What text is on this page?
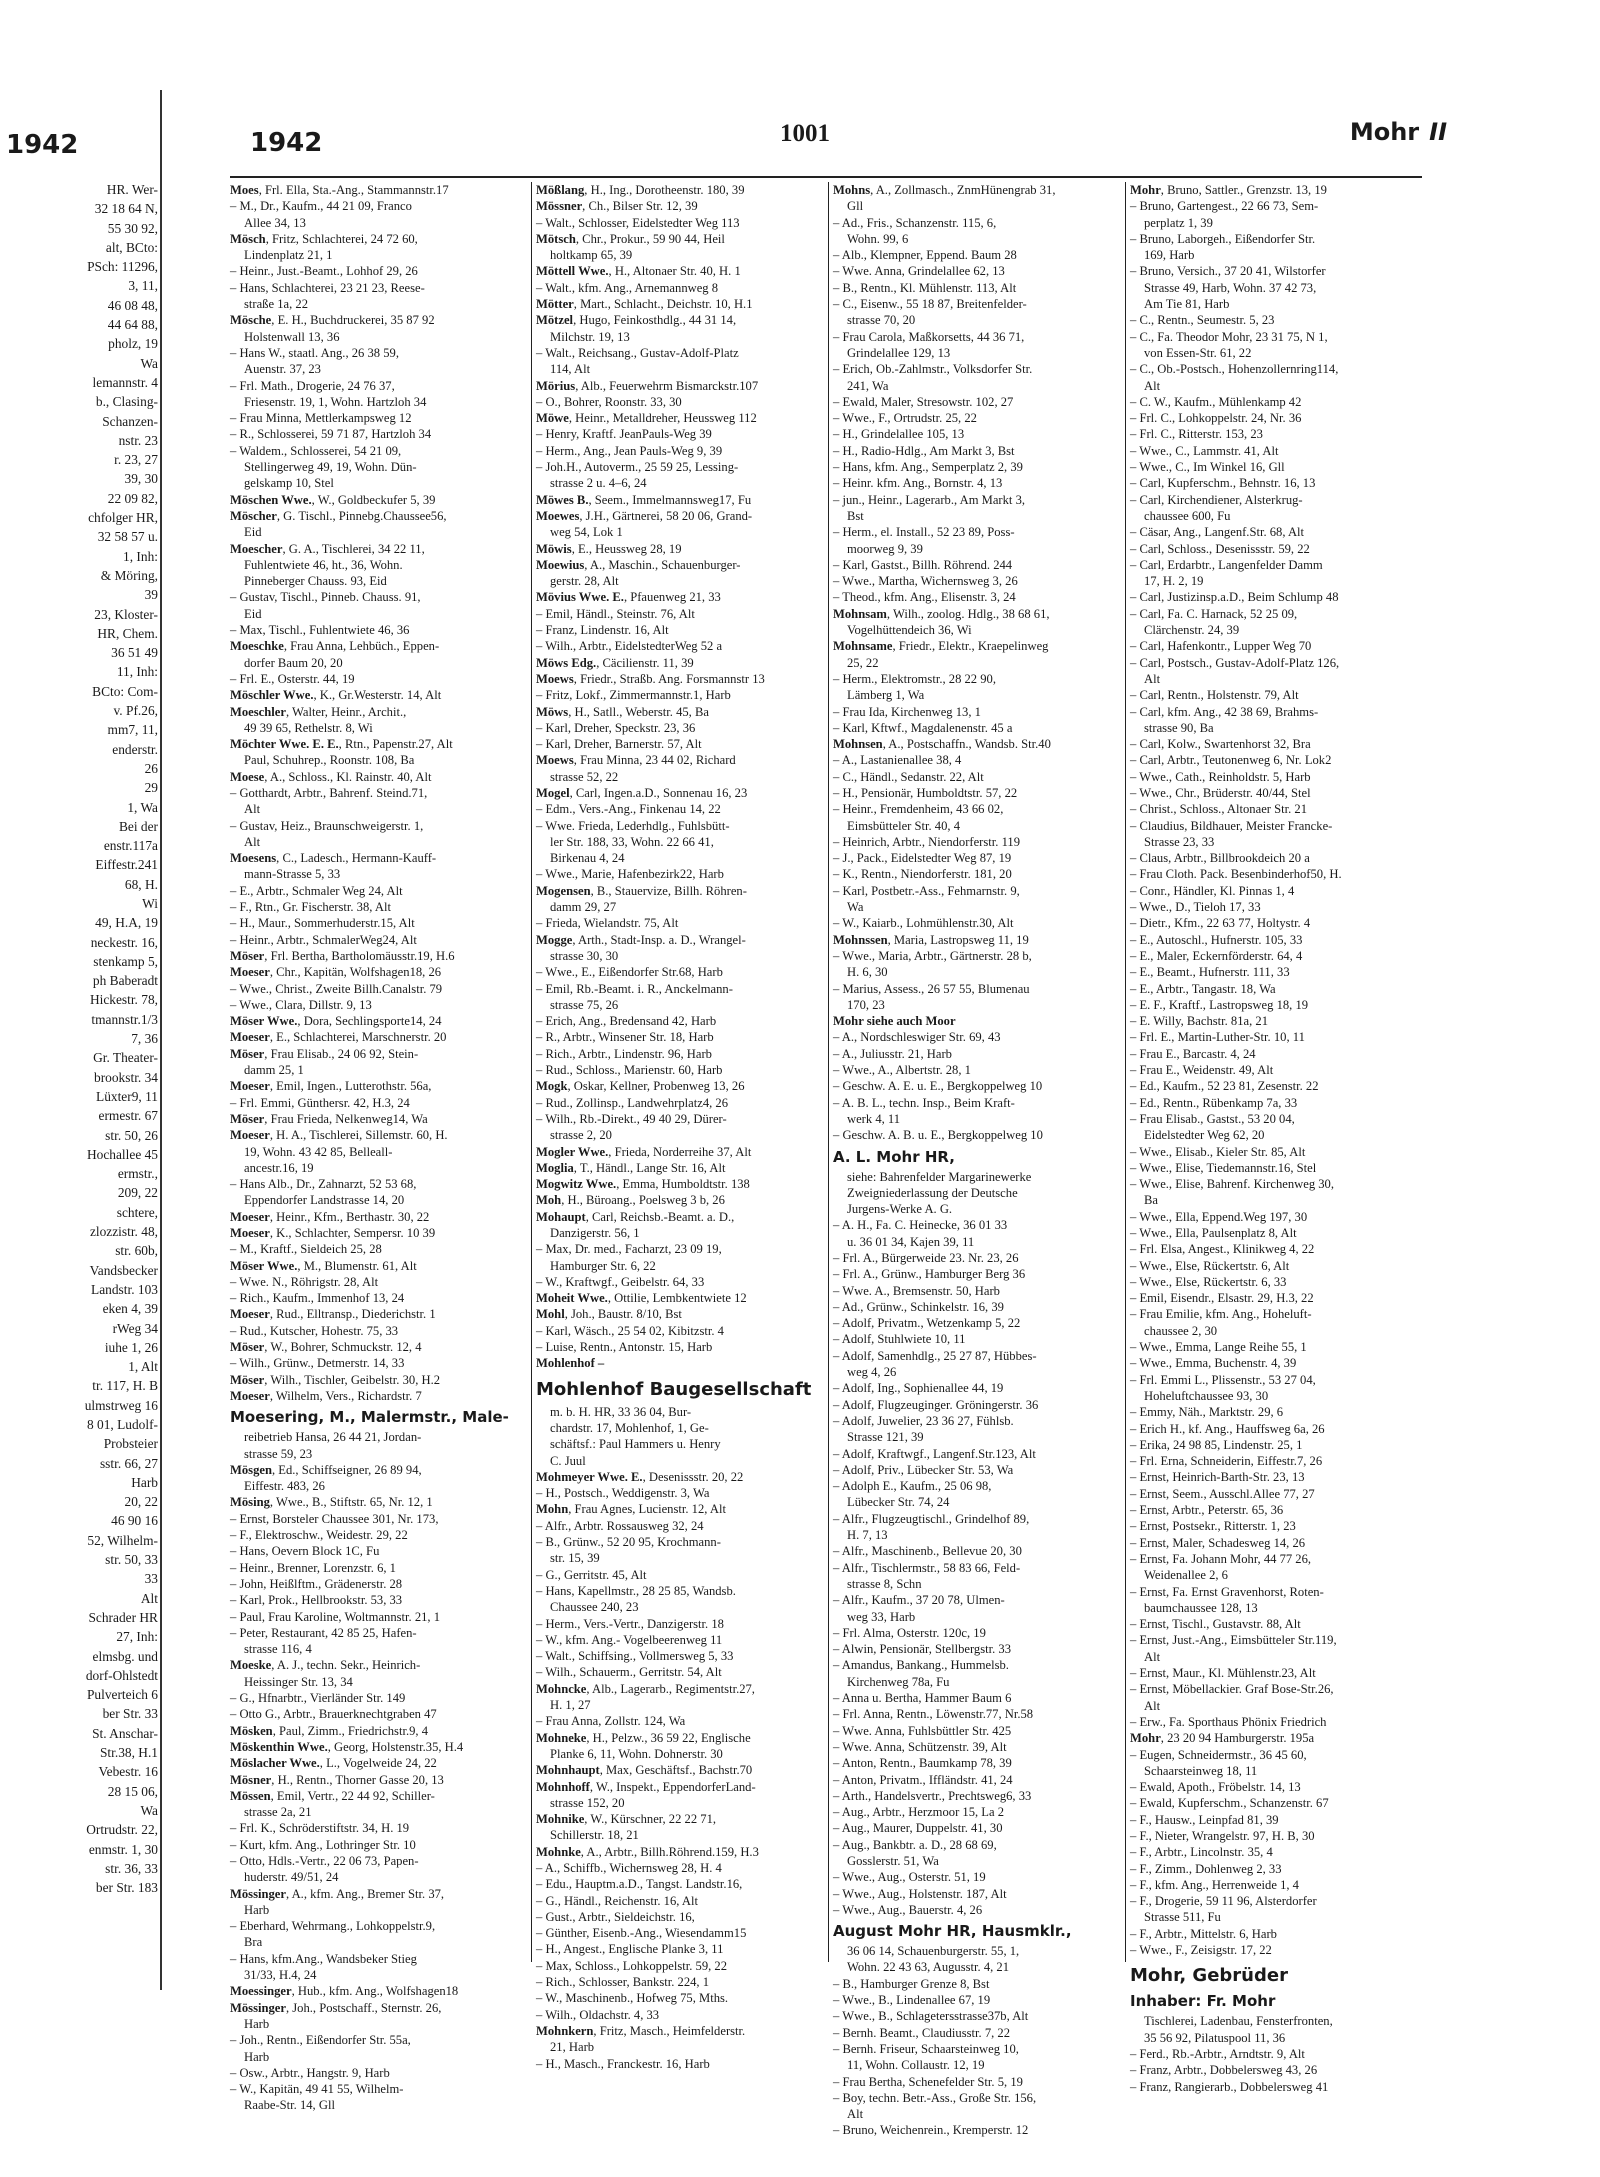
1942
HR. Wer-
32 18 64 N,
55 30 92,
alt, BCto:
PSch: 11296,
3, 11,
46 08 48,
44 64 88,
pholz, 19
Wa
lemannstr. 4
b., Clasing-
Schanzen-
nstr. 23
r. 23, 27
39, 30
22 09 82,
chfolger HR,
32 58 57 u.
1, Inh:
& Möring,
39
23, Kloster-
HR, Chem.
36 51 49
11, Inh:
BCto: Com-
v. Pf.26,
mm7, 11,
enderstr.
26
29
1, Wa
Bei der
enstr.117a
Eiffestr.241
68, H.
Wi
49, H.A, 19
neckestr. 16,
stenkamp 5,
ph Baberadt
Hickestr. 78,
tmannstr.1/3
7, 36
Gr. Theater-
brookstr. 34
Lüxter9, 11
ermestr. 67
str. 50, 26
Hochallee 45
ermstr.,
209, 22
schtere,
zlozzistr. 48,
str. 60b,
Vandsbecker
Landstr. 103
eken 4, 39
rWeg 34
iuhe 1, 26
1, Alt
tr. 117, H. B
ulmstrweg 16
8 01, Ludolf-
Probsteier
sstr. 66, 27
Harb
20, 22
46 90 16
52, Wilhelm-
str. 50, 33
33
Alt
Schrader HR
27, Inh:
elmsbg. und
dorf-Ohlstedt
Pulverteich 6
ber Str. 33
St. Anschar-
Str.38, H.1
Vebestr. 16
28 15 06,
Wa
Ortrudstr. 22,
enmstr. 1, 30
str. 36, 33
ber Str. 183
1942	1001	Mohr II
Moes, Frl. Ella, Sta.-Ang., Stammannstr.17
– M., Dr., Kaufm., 44 21 09, Franco
Allee 34, 13
Mösch, Fritz, Schlachterei, 24 72 60,
Lindenplatz 21, 1
– Heinr., Just.-Beamt., Lohhof 29, 26
– Hans, Schlachterei, 23 21 23, Reese-
straße 1a, 22
Mösche, E. H., Buchdruckerei, 35 87 92
Holstenwall 13, 36
– Hans W., staatl. Ang., 26 38 59,
Auenstr. 37, 23
– Frl. Math., Drogerie, 24 76 37,
Friesenstr. 19, 1, Wohn. Hartzloh 34
– Frau Minna, Mettlerkampsweg 12
– R., Schlosserei, 59 71 87, Hartzloh 34
– Waldem., Schlosserei, 54 21 09,
Stellingerweg 49, 19, Wohn. Dün-
gelskamp 10, Stel
Möschen Wwe., W., Goldbeckufer 5, 39
Möscher, G. Tischl., Pinnebg.Chaussee56,
Eid
Moescher, G. A., Tischlerei, 34 22 11,
Fuhlentwiete 46, ht., 36, Wohn.
Pinneberger Chauss. 93, Eid
– Gustav, Tischl., Pinneb. Chauss. 91,
Eid
– Max, Tischl., Fuhlentwiete 46, 36
Moeschke, Frau Anna, Lehbüch., Eppen-
dorfer Baum 20, 20
– Frl. E., Osterstr. 44, 19
Möschler Wwe., K., Gr.Westerstr. 14, Alt
Moeschler, Walter, Heinr., Archit.,
49 39 65, Rethelstr. 8, Wi
Möchter Wwe. E. E., Rtn., Papenstr.27, Alt
Paul, Schuhrep., Roonstr. 108, Ba
Moese, A., Schloss., Kl. Rainstr. 40, Alt
– Gotthardt, Arbtr., Bahrenf. Steind.71,
Alt
– Gustav, Heiz., Braunschweigerstr. 1,
Alt
Moesens, C., Ladesch., Hermann-Kauff-
mann-Strasse 5, 33
– E., Arbtr., Schmaler Weg 24, Alt
– F., Rtn., Gr. Fischerstr. 38, Alt
– H., Maur., Sommerhuderstr.15, Alt
– Heinr., Arbtr., SchmalerWeg24, Alt
Möser, Frl. Bertha, Bartholomäusstr.19, H.6
Moeser, Chr., Kapitän, Wolfshagen18, 26
– Wwe., Christ., Zweite Billh.Canalstr. 79
– Wwe., Clara, Dillstr. 9, 13
Möser Wwe., Dora, Sechlingsporte14, 24
Moeser, E., Schlachterei, Marschnerstr. 20
Möser, Frau Elisab., 24 06 92, Stein-
damm 25, 1
Moeser, Emil, Ingen., Lutterothstr. 56a,
– Frl. Emmi, Günthersr. 42, H.3, 24
Möser, Frau Frieda, Nelkenweg14, Wa
Moeser, H. A., Tischlerei, Sillemstr. 60, H.
19, Wohn. 43 42 85, Belleall-
ancestr.16, 19
– Hans Alb., Dr., Zahnarzt, 52 53 68,
Eppendorfer Landstrasse 14, 20
Moeser, Heinr., Kfm., Berthastr. 30, 22
Moeser, K., Schlachter, Sempersr. 10 39
– M., Kraftf., Sieldeich 25, 28
Möser Wwe., M., Blumenstr. 61, Alt
– Wwe. N., Röhrigstr. 28, Alt
– Rich., Kaufm., Immenhof 13, 24
Moeser, Rud., Elltransp., Diederichstr. 1
– Rud., Kutscher, Hohestr. 75, 33
Möser, W., Bohrer, Schmuckstr. 12, 4
– Wilh., Grünw., Detmerstr. 14, 33
Möser, Wilh., Tischler, Geibelstr. 30, H.2
Moeser, Wilhelm, Vers., Richardstr. 7
Moesering, M., Malermstr., Male-
reibetrieb Hansa, 26 44 21, Jordan-
strasse 59, 23
Mösgen, Ed., Schiffseigner, 26 89 94,
Eiffestr. 483, 26
Mösing, Wwe., B., Stiftstr. 65, Nr. 12, 1
– Ernst, Borsteler Chaussee 301, Nr. 173,
– F., Elektroschw., Weidestr. 29, 22
– Hans, Oevern Block 1C, Fu
– Heinr., Brenner, Lorenzstr. 6, 1
– John, Heißlftm., Grädenerstr. 28
– Karl, Prok., Hellbrookstr. 53, 33
– Paul, Frau Karoline, Woltmannstr. 21, 1
– Peter, Restaurant, 42 85 25, Hafen-
strasse 116, 4
Moeske, A. J., techn. Sekr., Heinrich-
Heissinger Str. 13, 34
– G., Hfnarbtr., Vierländer Str. 149
– Otto G., Arbtr., Brauerknechtgraben 47
Mösken, Paul, Zimm., Friedrichstr.9, 4
Möskenthin Wwe., Georg, Holstenstr.35, H.4
Möslacher Wwe., L., Vogelweide 24, 22
Mösner, H., Rentn., Thorner Gasse 20, 13
Mössen, Emil, Vertr., 22 44 92, Schiller-
strasse 2a, 21
– Frl. K., Schröderstiftstr. 34, H. 19
– Kurt, kfm. Ang., Lothringer Str. 10
– Otto, Hdls.-Vertr., 22 06 73, Papen-
huderstr. 49/51, 24
Mössinger, A., kfm. Ang., Bremer Str. 37,
Harb
– Eberhard, Wehrmang., Lohkoppelstr.9,
Bra
– Hans, kfm.Ang., Wandsbeker Stieg
31/33, H.4, 24
Moessinger, Hub., kfm. Ang., Wolfshagen18
Mössinger, Joh., Postschaff., Sternstr. 26,
Harb
– Joh., Rentn., Eißendorfer Str. 55a,
Harb
– Osw., Arbtr., Hangstr. 9, Harb
– W., Kapitän, 49 41 55, Wilhelm-
Raabe-Str. 14, Gll
Mößlang, H., Ing., Dorotheenstr. 180, 39
Mössner, Ch., Bilser Str. 12, 39
– Walt., Schlosser, Eidelstedter Weg 113
Mötsch, Chr., Prokur., 59 90 44, Heil
holtkamp 65, 39
Möttell Wwe., H., Altonaer Str. 40, H. 1
– Walt., kfm. Ang., Arnemannweg 8
Mötter, Mart., Schlacht., Deichstr. 10, H.1
Mötzel, Hugo, Feinkosthdlg., 44 31 14,
Milchstr. 19, 13
– Walt., Reichsang., Gustav-Adolf-Platz
114, Alt
Mörius, Alb., Feuerwehrm Bismarckstr.107
– O., Bohrer, Roonstr. 33, 30
Möwe, Heinr., Metalldreher, Heussweg 112
– Henry, Kraftf. JeanPauls-Weg 39
– Herm., Ang., Jean Pauls-Weg 9, 39
– Joh.H., Autoverm., 25 59 25, Lessing-
strasse 2 u. 4–6, 24
Möwes B., Seem., Immelmannsweg17, Fu
Moewes, J.H., Gärtnerei, 58 20 06, Grand-
weg 54, Lok 1
Möwis, E., Heussweg 28, 19
Moewius, A., Maschin., Schauenburger-
gerstr. 28, Alt
Mövius Wwe. E., Pfauenweg 21, 33
– Emil, Händl., Steinstr. 76, Alt
– Franz, Lindenstr. 16, Alt
– Wilh., Arbtr., EidelstedterWeg 52 a
Möws Edg., Cäcilienstr. 11, 39
Moews, Friedr., Straßb. Ang. Forsmannstr 13
– Fritz, Lokf., Zimmermannstr.1, Harb
Möws, H., Satll., Weberstr. 45, Ba
– Karl, Dreher, Speckstr. 23, 36
– Karl, Dreher, Barnerstr. 57, Alt
Moews, Frau Minna, 23 44 02, Richard
strasse 52, 22
Mogel, Carl, Ingen.a.D., Sonnenau 16, 23
– Edm., Vers.-Ang., Finkenau 14, 22
– Wwe. Frieda, Lederhdlg., Fuhlsbütt-
ler Str. 188, 33, Wohn. 22 66 41,
Birkenau 4, 24
– Wwe., Marie, Hafenbezirk22, Harb
Mogensen, B., Stauervize, Billh. Röhren-
damm 29, 27
– Frieda, Wielandstr. 75, Alt
Mogge, Arth., Stadt-Insp. a. D., Wrangel-
strasse 30, 30
– Wwe., E., Eißendorfer Str.68, Harb
– Emil, Rb.-Beamt. i. R., Anckelmann-
strasse 75, 26
– Erich, Ang., Bredensand 42, Harb
– R., Arbtr., Winsener Str. 18, Harb
– Rich., Arbtr., Lindenstr. 96, Harb
– Rud., Schloss., Marienstr. 60, Harb
Mogk, Oskar, Kellner, Probenweg 13, 26
– Rud., Zollinsp., Landwehrplatz4, 26
– Wilh., Rb.-Direkt., 49 40 29, Dürer-
strasse 2, 20
Mogler Wwe., Frieda, Norderreihe 37, Alt
Moglia, T., Händl., Lange Str. 16, Alt
Mogwitz Wwe., Emma, Humboldtstr. 138
Moh, H., Büroang., Poelsweg 3 b, 26
Mohaupt, Carl, Reichsb.-Beamt. a. D.,
Danzigerstr. 56, 1
– Max, Dr. med., Facharzt, 23 09 19,
Hamburger Str. 6, 22
– W., Kraftwgf., Geibelstr. 64, 33
Moheit Wwe., Ottilie, Lembkentwiete 12
Mohl, Joh., Baustr. 8/10, Bst
– Karl, Wäsch., 25 54 02, Kibitzstr. 4
– Luise, Rentn., Antonstr. 15, Harb
Mohlenhof –
Mohlenhof Baugesellschaft
m. b. H. HR, 33 36 04, Bur-
chardstr. 17, Mohlenhof, 1, Ge-
schäftsf.: Paul Hammers u. Henry
C. Juul
Mohmeyer Wwe. E., Desenissstr. 20, 22
– H., Postsch., Weddigenstr. 3, Wa
Mohn, Frau Agnes, Lucienstr. 12, Alt
– Alfr., Arbtr. Rossausweg 32, 24
– B., Grünw., 52 20 95, Krochmann-
str. 15, 39
– G., Gerritstr. 45, Alt
– Hans, Kapellmstr., 28 25 85, Wandsb.
Chaussee 240, 23
– Herm., Vers.-Vertr., Danzigerstr. 18
– W., kfm. Ang.- Vogelbeerenweg 11
– Walt., Schiffsing., Vollmersweg 5, 33
– Wilh., Schauerm., Gerritstr. 54, Alt
Mohncke, Alb., Lagerarb., Regimentstr.27,
H. 1, 27
– Frau Anna, Zollstr. 124, Wa
Mohneke, H., Pelzw., 36 59 22, Englische
Planke 6, 11, Wohn. Dohnerstr. 30
Mohnhaupt, Max, Geschäftsf., Bachstr.70
Mohnhoff, W., Inspekt., EppendorferLand-
strasse 152, 20
Mohnike, W., Kürschner, 22 22 71,
Schillerstr. 18, 21
Mohnke, A., Arbtr., Billh.Röhrend.159, H.3
– A., Schiffb., Wichernsweg 28, H. 4
– Edu., Hauptm.a.D., Tangst. Landstr.16,
– G., Händl., Reichenstr. 16, Alt
– Gust., Arbtr., Sieldeichstr. 16,
– Günther, Eisenb.-Ang., Wiesendamm15
– H., Angest., Englische Planke 3, 11
– Max, Schloss., Lohkoppelstr. 59, 22
– Rich., Schlosser, Bankstr. 224, 1
– W., Maschinenb., Hofweg 75, Mths.
– Wilh., Oldachstr. 4, 33
Mohnkern, Fritz, Masch., Heimfelderstr.
21, Harb
– H., Masch., Franckestr. 16, Harb
Mohns, A., Zollmasch., ZnmHünengrab 31,
Gll
– Ad., Fris., Schanzenstr. 115, 6,
Wohn. 99, 6
– Alb., Klempner, Eppend. Baum 28
– Wwe. Anna, Grindelallee 62, 13
– B., Rentn., Kl. Mühlenstr. 113, Alt
– C., Eisenw., 55 18 87, Breitenfelder-
strasse 70, 20
– Frau Carola, Maßkorsetts, 44 36 71,
Grindelallee 129, 13
– Erich, Ob.-Zahlmstr., Volksdorfer Str.
241, Wa
– Ewald, Maler, Stresowstr. 102, 27
– Wwe., F., Ortrudstr. 25, 22
– H., Grindelallee 105, 13
– H., Radio-Hdlg., Am Markt 3, Bst
– Hans, kfm. Ang., Semperplatz 2, 39
– Heinr. kfm. Ang., Bornstr. 4, 13
– jun., Heinr., Lagerarb., Am Markt 3,
Bst
– Herm., el. Install., 52 23 89, Poss-
moorweg 9, 39
– Karl, Gastst., Billh. Röhrend. 244
– Wwe., Martha, Wichernsweg 3, 26
– Theod., kfm. Ang., Elisenstr. 3, 24
Mohnsam, Wilh., zoolog. Hdlg., 38 68 61,
Vogelhüttendeich 36, Wi
Mohnsame, Friedr., Elektr., Kraepelinweg
25, 22
– Herm., Elektromstr., 28 22 90,
Lämberg 1, Wa
– Frau Ida, Kirchenweg 13, 1
– Karl, Kftwf., Magdalenenstr. 45 a
Mohnsen, A., Postschaffn., Wandsb. Str.40
– A., Lastanienallee 38, 4
– C., Händl., Sedanstr. 22, Alt
– H., Pensionär, Humboldtstr. 57, 22
– Heinr., Fremdenheim, 43 66 02,
Eimsbütteler Str. 40, 4
– Heinrich, Arbtr., Niendorferstr. 119
– J., Pack., Eidelstedter Weg 87, 19
– K., Rentn., Niendorferstr. 181, 20
– Karl, Postbetr.-Ass., Fehmarnstr. 9,
Wa
– W., Kaiarb., Lohmühlenstr.30, Alt
Mohnssen, Maria, Lastropsweg 11, 19
– Wwe., Maria, Arbtr., Gärtnerstr. 28 b,
H. 6, 30
– Marius, Assess., 26 57 55, Blumenau
170, 23
Mohr siehe auch Moor
– A., Nordschleswiger Str. 69, 43
– A., Juliusstr. 21, Harb
– Wwe., A., Albertstr. 28, 1
– Geschw. A. E. u. E., Bergkoppelweg 10
– A. B. L., techn. Insp., Beim Kraft-
werk 4, 11
– Geschw. A. B. u. E., Bergkoppelweg 10
A. L. Mohr HR,
siehe: Bahrenfelder Margarinewerke
Zweigniederlassung der Deutsche
Jurgens-Werke A. G.
– A. H., Fa. C. Heinecke, 36 01 33
u. 36 01 34, Kajen 39, 11
– Frl. A., Bürgerweide 23. Nr. 23, 26
– Frl. A., Grünw., Hamburger Berg 36
– Wwe. A., Bremsenstr. 50, Harb
– Ad., Grünw., Schinkelstr. 16, 39
– Adolf, Privatm., Wetzenkamp 5, 22
– Adolf, Stuhlwiete 10, 11
– Adolf, Samenhdlg., 25 27 87, Hübbes-
weg 4, 26
– Adolf, Ing., Sophienallee 44, 19
– Adolf, Flugzeuginger. Gröningerstr. 36
– Adolf, Juwelier, 23 36 27, Fühlsb.
Strasse 121, 39
– Adolf, Kraftwgf., Langenf.Str.123, Alt
– Adolf, Priv., Lübecker Str. 53, Wa
– Adolph E., Kaufm., 25 06 98,
Lübecker Str. 74, 24
– Alfr., Flugzeugtischl., Grindelhof 89,
H. 7, 13
– Alfr., Maschinenb., Bellevue 20, 30
– Alfr., Tischlermstr., 58 83 66, Feld-
strasse 8, Schn
– Alfr., Kaufm., 37 20 78, Ulmen-
weg 33, Harb
– Frl. Alma, Osterstr. 120c, 19
– Alwin, Pensionär, Stellbergstr. 33
– Amandus, Bankang., Hummelsb.
Kirchenweg 78a, Fu
– Anna u. Bertha, Hammer Baum 6
– Frl. Anna, Rentn., Löwenstr.77, Nr.58
– Wwe. Anna, Fuhlsbüttler Str. 425
– Wwe. Anna, Schützenstr. 39, Alt
– Anton, Rentn., Baumkamp 78, 39
– Anton, Privatm., Iffländstr. 41, 24
– Arth., Handelsvertr., Prechtsweg6, 33
– Aug., Arbtr., Herzmoor 15, La 2
– Aug., Maurer, Duppelstr. 41, 30
– Aug., Bankbtr. a. D., 28 68 69,
Gosslerstr. 51, Wa
– Wwe., Aug., Osterstr. 51, 19
– Wwe., Aug., Holstenstr. 187, Alt
– Wwe., Aug., Bauerstr. 4, 26
August Mohr HR, Hausmklr.,
36 06 14, Schauenburgerstr. 55, 1,
Wohn. 22 43 63, Augusstr. 4, 21
– B., Hamburger Grenze 8, Bst
– Wwe., B., Lindenallee 67, 19
– Wwe., B., Schlagetersstrasse37b, Alt
– Bernh. Beamt., Claudiusstr. 7, 22
– Bernh. Friseur, Schaarsteinweg 10,
11, Wohn. Collaustr. 12, 19
– Frau Bertha, Schenefelder Str. 5, 19
– Boy, techn. Betr.-Ass., Große Str. 156,
Alt
– Bruno, Weichenrein., Kremperstr. 12
Mohr, Bruno, Sattler., Grenzstr. 13, 19
– Bruno, Gartengest., 22 66 73, Sem-
perplatz 1, 39
– Bruno, Laborgeh., Eißendorfer Str.
169, Harb
– Bruno, Versich., 37 20 41, Wilstorfer
Strasse 49, Harb, Wohn. 37 42 73,
Am Tie 81, Harb
– C., Rentn., Seumestr. 5, 23
– C., Fa. Theodor Mohr, 23 31 75, N 1,
von Essen-Str. 61, 22
– C., Ob.-Postsch., Hohenzollernring114,
Alt
– C. W., Kaufm., Mühlenkamp 42
– Frl. C., Lohkoppelstr. 24, Nr. 36
– Frl. C., Ritterstr. 153, 23
– Wwe., C., Lammstr. 41, Alt
– Wwe., C., Im Winkel 16, Gll
– Carl, Kupferschm., Behnstr. 16, 13
– Carl, Kirchendiener, Alsterkrug-
chaussee 600, Fu
– Cäsar, Ang., Langenf.Str. 68, Alt
– Carl, Schloss., Desenissstr. 59, 22
– Carl, Erdarbtr., Langenfelder Damm
17, H. 2, 19
– Carl, Justizinsp.a.D., Beim Schlump 48
– Carl, Fa. C. Harnack, 52 25 09,
Clärchenstr. 24, 39
– Carl, Hafenkontr., Lupper Weg 70
– Carl, Postsch., Gustav-Adolf-Platz 126,
Alt
– Carl, Rentn., Holstenstr. 79, Alt
– Carl, kfm. Ang., 42 38 69, Brahms-
strasse 90, Ba
– Carl, Kolw., Swartenhorst 32, Bra
– Carl, Arbtr., Teutonenweg 6, Nr. Lok2
– Wwe., Cath., Reinholdstr. 5, Harb
– Wwe., Chr., Brüderstr. 40/44, Stel
– Christ., Schloss., Altonaer Str. 21
– Claudius, Bildhauer, Meister Francke-
Strasse 23, 33
– Claus, Arbtr., Billbrookdeich 20 a
– Frau Cloth. Pack. Besenbinderhof50, H.
– Conr., Händler, Kl. Pinnas 1, 4
– Wwe., D., Tieloh 17, 33
– Dietr., Kfm., 22 63 77, Holtystr. 4
– E., Autoschl., Hufnerstr. 105, 33
– E., Maler, Eckernförderstr. 64, 4
– E., Beamt., Hufnerstr. 111, 33
– E., Arbtr., Tangastr. 18, Wa
– E. F., Kraftf., Lastropsweg 18, 19
– E. Willy, Bachstr. 81a, 21
– Frl. E., Martin-Luther-Str. 10, 11
– Frau E., Barcastr. 4, 24
– Frau E., Weidenstr. 49, Alt
– Ed., Kaufm., 52 23 81, Zesenstr. 22
– Ed., Rentn., Rübenkamp 7a, 33
– Frau Elisab., Gastst., 53 20 04,
Eidelstedter Weg 62, 20
– Wwe., Elisab., Kieler Str. 85, Alt
– Wwe., Elise, Tiedemannstr.16, Stel
– Wwe., Elise, Bahrenf. Kirchenweg 30,
Ba
– Wwe., Ella, Eppend.Weg 197, 30
– Wwe., Ella, Paulsenplatz 8, Alt
– Frl. Elsa, Angest., Klinikweg 4, 22
– Wwe., Else, Rückertstr. 6, Alt
– Wwe., Else, Rückertstr. 6, 33
– Emil, Eisendr., Elsastr. 29, H.3, 22
– Frau Emilie, kfm. Ang., Hoheluft-
chaussee 2, 30
– Wwe., Emma, Lange Reihe 55, 1
– Wwe., Emma, Buchenstr. 4, 39
– Frl. Emmi L., Plissenstr., 53 27 04,
Hoheluftchaussee 93, 30
– Emmy, Näh., Marktstr. 29, 6
– Erich H., kf. Ang., Hauffsweg 6a, 26
– Erika, 24 98 85, Lindenstr. 25, 1
– Frl. Erna, Schneiderin, Eiffestr.7, 26
– Ernst, Heinrich-Barth-Str. 23, 13
– Ernst, Seem., Ausschl.Allee 77, 27
– Ernst, Arbtr., Peterstr. 65, 36
– Ernst, Postsekr., Ritterstr. 1, 23
– Ernst, Maler, Schadesweg 14, 26
– Ernst, Fa. Johann Mohr, 44 77 26,
Weidenallee 2, 6
– Ernst, Fa. Ernst Gravenhorst, Roten-
baumchaussee 128, 13
– Ernst, Tischl., Gustavstr. 88, Alt
– Ernst, Just.-Ang., Eimsbütteler Str.119,
Alt
– Ernst, Maur., Kl. Mühlenstr.23, Alt
– Ernst, Möbellackier. Graf Bose-Str.26,
Alt
– Erw., Fa. Sporthaus Phönix Friedrich
Mohr, 23 20 94 Hamburgerstr. 195a
– Eugen, Schneidermstr., 36 45 60,
Schaarsteinweg 18, 11
– Ewald, Apoth., Fröbelstr. 14, 13
– Ewald, Kupferschm., Schanzenstr. 67
– F., Hausw., Leinpfad 81, 39
– F., Nieter, Wrangelstr. 97, H. B, 30
– F., Arbtr., Lincolnstr. 35, 4
– F., Zimm., Dohlenweg 2, 33
– F., kfm. Ang., Herrenweide 1, 4
– F., Drogerie, 59 11 96, Alsterdorfer
Strasse 511, Fu
– F., Arbtr., Mittelstr. 6, Harb
– Wwe., F., Zeisigstr. 17, 22
Mohr, Gebrüder
Inhaber: Fr. Mohr
Tischlerei, Ladenbau, Fensterfronten,
35 56 92, Pilatuspool 11, 36
– Ferd., Rb.-Arbtr., Arndtstr. 9, Alt
– Franz, Arbtr., Dobbelersweg 43, 26
– Franz, Rangierarb., Dobbelersweg 41
